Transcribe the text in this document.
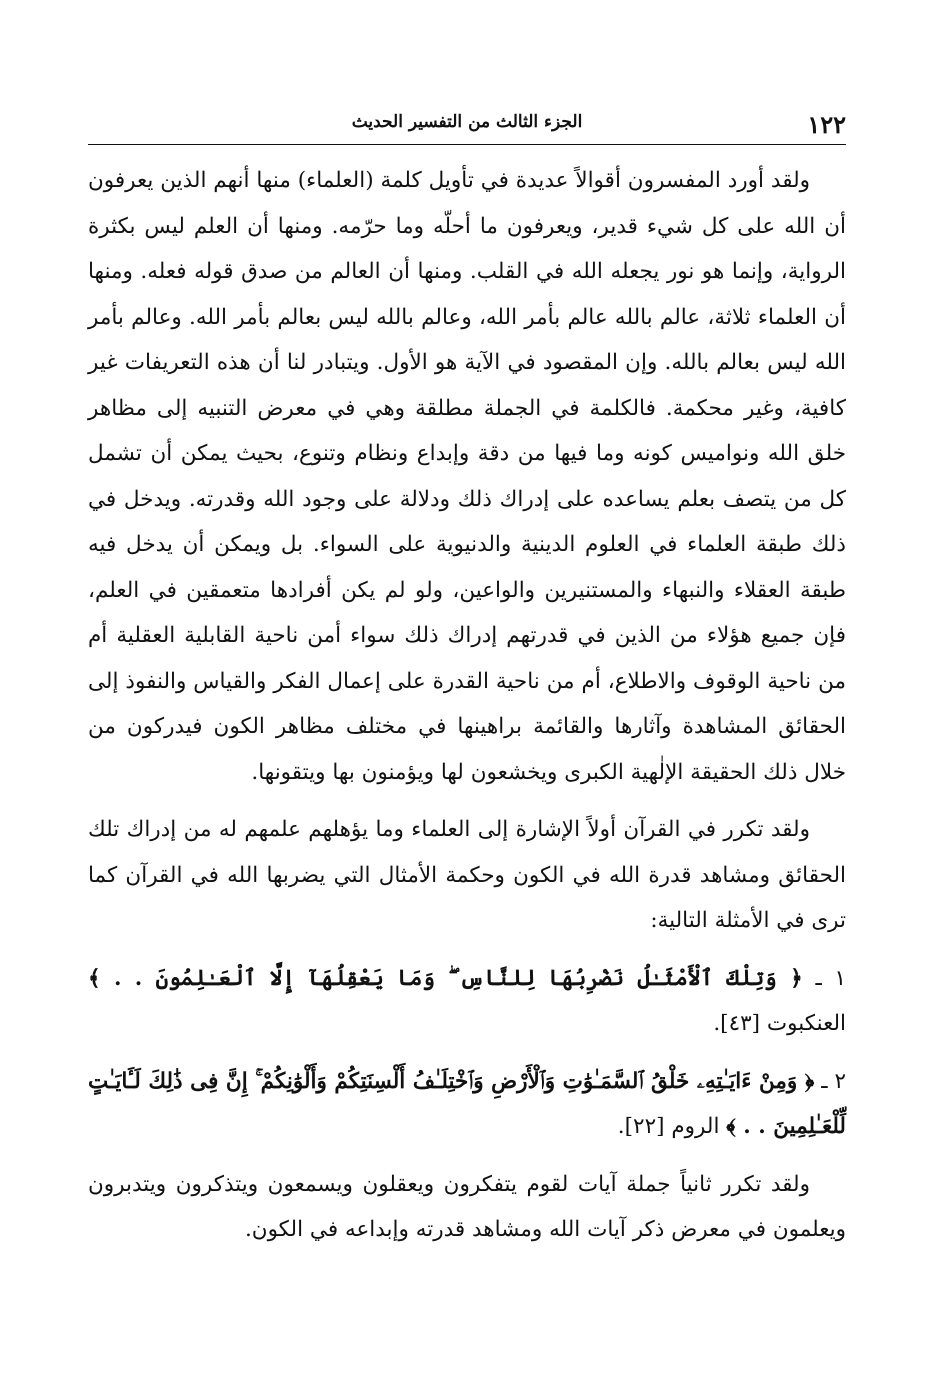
١٢٢
الجزء الثالث من التفسير الحديث

ولقد أورد المفسرون أقوالاً عديدة في تأويل كلمة (العلماء) منها أنهم الذين يعرفون أن الله على كل شيء قدير، ويعرفون ما أحلّه وما حرّمه. ومنها أن العلم ليس بكثرة الرواية، وإنما هو نور يجعله الله في القلب. ومنها أن العالم من صدق قوله فعله. ومنها أن العلماء ثلاثة، عالم بالله عالم بأمر الله، وعالم بالله ليس بعالم بأمر الله. وعالم بأمر الله ليس بعالم بالله. وإن المقصود في الآية هو الأول. ويتبادر لنا أن هذه التعريفات غير كافية، وغير محكمة. فالكلمة في الجملة مطلقة وهي في معرض التنبيه إلى مظاهر خلق الله ونواميس كونه وما فيها من دقة وإبداع ونظام وتنوع، بحيث يمكن أن تشمل كل من يتصف بعلم يساعده على إدراك ذلك ودلالة على وجود الله وقدرته. ويدخل في ذلك طبقة العلماء في العلوم الدينية والدنيوية على السواء. بل ويمكن أن يدخل فيه طبقة العقلاء والنبهاء والمستنيرين والواعين، ولو لم يكن أفرادها متعمقين في العلم، فإن جميع هؤلاء من الذين في قدرتهم إدراك ذلك سواء أمن ناحية القابلية العقلية أم من ناحية الوقوف والاطلاع، أم من ناحية القدرة على إعمال الفكر والقياس والنفوذ إلى الحقائق المشاهدة وآثارها والقائمة براهينها في مختلف مظاهر الكون فيدركون من خلال ذلك الحقيقة الإلٰهية الكبرى ويخشعون لها ويؤمنون بها ويتقونها.

ولقد تكرر في القرآن أولاً الإشارة إلى العلماء وما يؤهلهم علمهم له من إدراك تلك الحقائق ومشاهد قدرة الله في الكون وحكمة الأمثال التي يضربها الله في القرآن كما ترى في الأمثلة التالية:

١ ـ ﴿ وَتِلْكَ ٱلْأَمْثَـٰلُ نَضْرِبُهَا لِلنَّاسِ ۖ وَمَا يَعْقِلُهَآ إِلَّا ٱلْعَـٰلِمُونَ . . ﴾ العنكبوت [٤٣].

٢ ـ ﴿ وَمِنْ ءَايَـٰتِهِۦ خَلْقُ ٱلسَّمَـٰوَٰتِ وَٱلْأَرْضِ وَٱخْتِلَـٰفُ أَلْسِنَتِكُمْ وَأَلْوَٰنِكُمْ ۚ إِنَّ فِى ذَٰلِكَ لَـَٔايَـٰتٍ لِّلْعَـٰلِمِينَ . . ﴾ الروم [٢٢].

ولقد تكرر ثانياً جملة آيات لقوم يتفكرون ويعقلون ويسمعون ويتذكرون ويتدبرون ويعلمون في معرض ذكر آيات الله ومشاهد قدرته وإبداعه في الكون.
